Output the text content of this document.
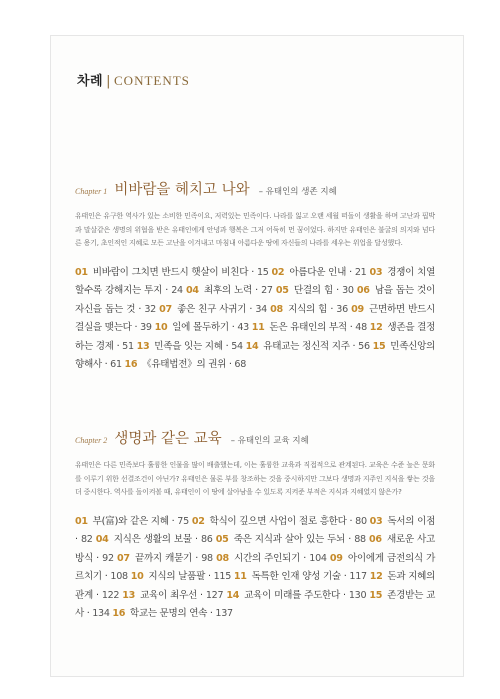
차례 | CONTENTS
Chapter 1 비바람을 헤치고 나와 – 유태인의 생존 지혜
유태인은 유구한 역사가 있는 소비한 민족이요, 저력있는 민족이다. 나라를 잃고 오랜 세월 떠돌이 생활을 하며 고난과 핍박과 말살같은 생명의 위협을 받은 유태인에게 안녕과 행복은 그저 어둑히 먼 꿈이었다. 하지만 유태인은 불굴의 의지와 넘다른 용기, 초인적인 지혜로 모든 고난을 이겨내고 마침내 아름다운 땅에 자신들의 나라를 세우는 위업을 달성했다.
01 비바람이 그치면 반드시 햇살이 비친다 · 15 02 아름다운 인내 · 21 03 경쟁이 치열할수록 강해지는 투지 · 24 04 최후의 노력 · 27 05 단결의 힘 · 30 06 남을 돕는 것이 자신을 돕는 것 · 32 07 좋은 친구 사귀기 · 34 08 지식의 힘 · 36 09 근면하면 반드시 결실을 맺는다 · 39 10 일에 몰두하기 · 43 11 돈은 유태인의 부적 · 48 12 생존을 결정하는 경제 · 51 13 민족을 잇는 지혜 · 54 14 유태교는 정신적 지주 · 56 15 민족신앙의 향해사 · 61 16 《유태법전》의 권위 · 68
Chapter 2 생명과 같은 교육 – 유태인의 교육 지혜
유태인은 다른 민족보다 훌륭한 인물을 많이 배출했는데, 이는 훌륭한 교육과 직접적으로 관계된다. 교육은 수준 높은 문화를 이루기 위한 선결조건이 아닌가? 유태인은 물론 부를 창조하는 것을 중시하지만 그보다 생명과 지주인 지식을 쌓는 것을 더 중시한다. 역사를 돌이켜볼 때, 유태인이 이 땅에 살아남을 수 있도록 지켜준 부적은 지식과 지혜였지 않은가?
01 부(富)와 같은 지혜 · 75 02 학식이 깊으면 사업이 절로 흥한다 · 80 03 독서의 이점 · 82 04 지식은 생활의 보물 · 86 05 죽은 지식과 살아 있는 두뇌 · 88 06 새로운 사고방식 · 92 07 끝까지 캐묻기 · 98 08 시간의 주인되기 · 104 09 아이에게 금전의식 가르치기 · 108 10 지식의 날품팔 · 115 11 독특한 인재 양성 기술 · 117 12 돈과 지혜의 관계 · 122 13 교육이 최우선 · 127 14 교육이 미래를 주도한다 · 130 15 존경받는 교사 · 134 16 학교는 문명의 연속 · 137
